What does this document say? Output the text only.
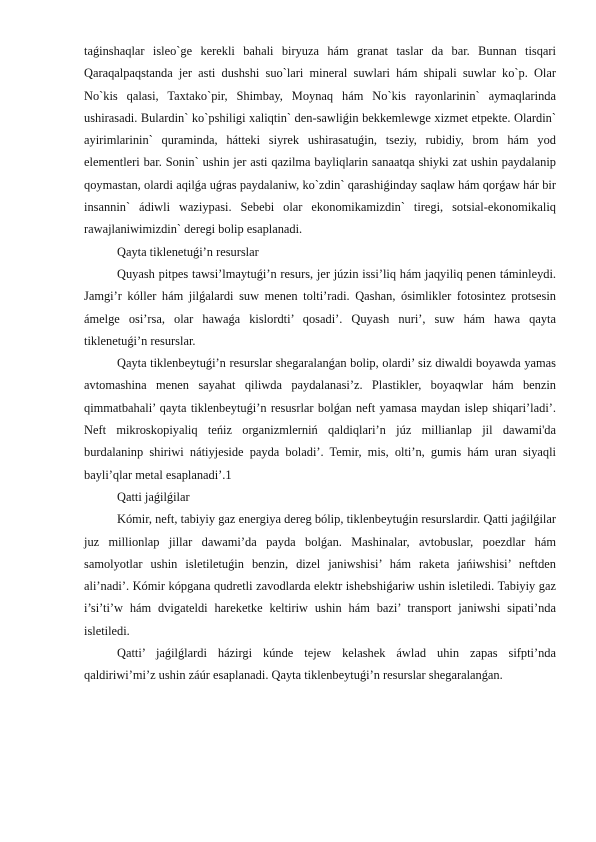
taǵinshaqlar isleo`ge kerekli bahali biryuza hám granat taslar da bar. Bunnan tisqari Qaraqalpaqstanda jer asti dushshi suo`lari mineral suwlari hám shipali suwlar ko`p. Olar No`kis qalasi, Taxtako`pir, Shimbay, Moynaq hám No`kis rayonlarinin` aymaqlarinda ushirasadi. Bulardin` ko`pshiligi xaliqtin` den-sawliǵin bekkemlewge xizmet etpekte. Olardin` ayirimlarinin` quraminda, hátteki siyrek ushirasatuǵin, tseziy, rubidiy, brom hám yod elementleri bar. Sonin` ushin jer asti qazilma bayliqlarin sanaatqa shiyki zat ushin paydalanip qoymastan, olardi aqilǵa uǵras paydalaniw, ko`zdin` qarashiǵinday saqlaw hám qorǵaw hár bir insannin` ádiwli waziypasi. Sebebi olar ekonomikamizdin` tiregi, sotsial-ekonomikaliq rawajlaniwimizdin` deregi bolip esaplanadi.

Qayta tiklenetuǵi’n resurslar

Quyash pitpes tawsi’lmaytuǵi’n resurs, jer júzin issi’liq hám jaqyiliq penen táminleydi. Jamgi’r kóller hám jilǵalardi suw menen tolti’radi. Qashan, ósimlikler fotosintez protsesin ámelge osi’rsa, olar hawaǵa kislordti’ qosadi’. Quyash nuri’, suw hám hawa qayta tiklenetuǵi’n resurslar.

Qayta tiklenbeytuǵi’n resurslar shegaralanǵan bolip, olardi’ siz diwaldi boyawda yamas avtomashina menen sayahat qiliwda paydalanasi’z. Plastikler, boyaqwlar hám benzin qimmatbahali’ qayta tiklenbeytuǵi’n resusrlar bolǵan neft yamasa maydan islep shiqari’ladi’. Neft mikroskopiyaliq teńiz organizmlerniń qaldiqlari’n júz millianlap jil dawami'da burdalaninp shiriwi nátiyjeside payda boladi’. Temir, mis, olti’n, gumis hám uran siyaqli bayli’qlar metal esaplanadi’.1

Qatti jaǵilǵilar

Kómir, neft, tabiyiy gaz energiya dereg bólip, tiklenbeytuǵin resurslardir. Qatti jaǵilǵilar juz millionlap jillar dawami’da payda bolǵan. Mashinalar, avtobuslar, poezdlar hám samolyotlar ushin isletiletuǵin benzin, dizel janiwshisi’ hám raketa jańiwshisi’ neftden ali’nadi’. Kómir kópgana qudretli zavodlarda elektr ishebshiǵariw ushin isletiledi. Tabiyiy gaz i’si’ti’w hám dvigateldi hareketke keltiriw ushin hám bazi’ transport janiwshi sipati’nda isletiledi.

Qatti’ jaǵilǵlardi házirgi kúnde tejew kelashek áwlad uhin zapas sifpti’nda qaldiriwi’mi’z ushin záúr esaplanadi. Qayta tiklenbeytuǵi’n resurslar shegaralanǵan.
